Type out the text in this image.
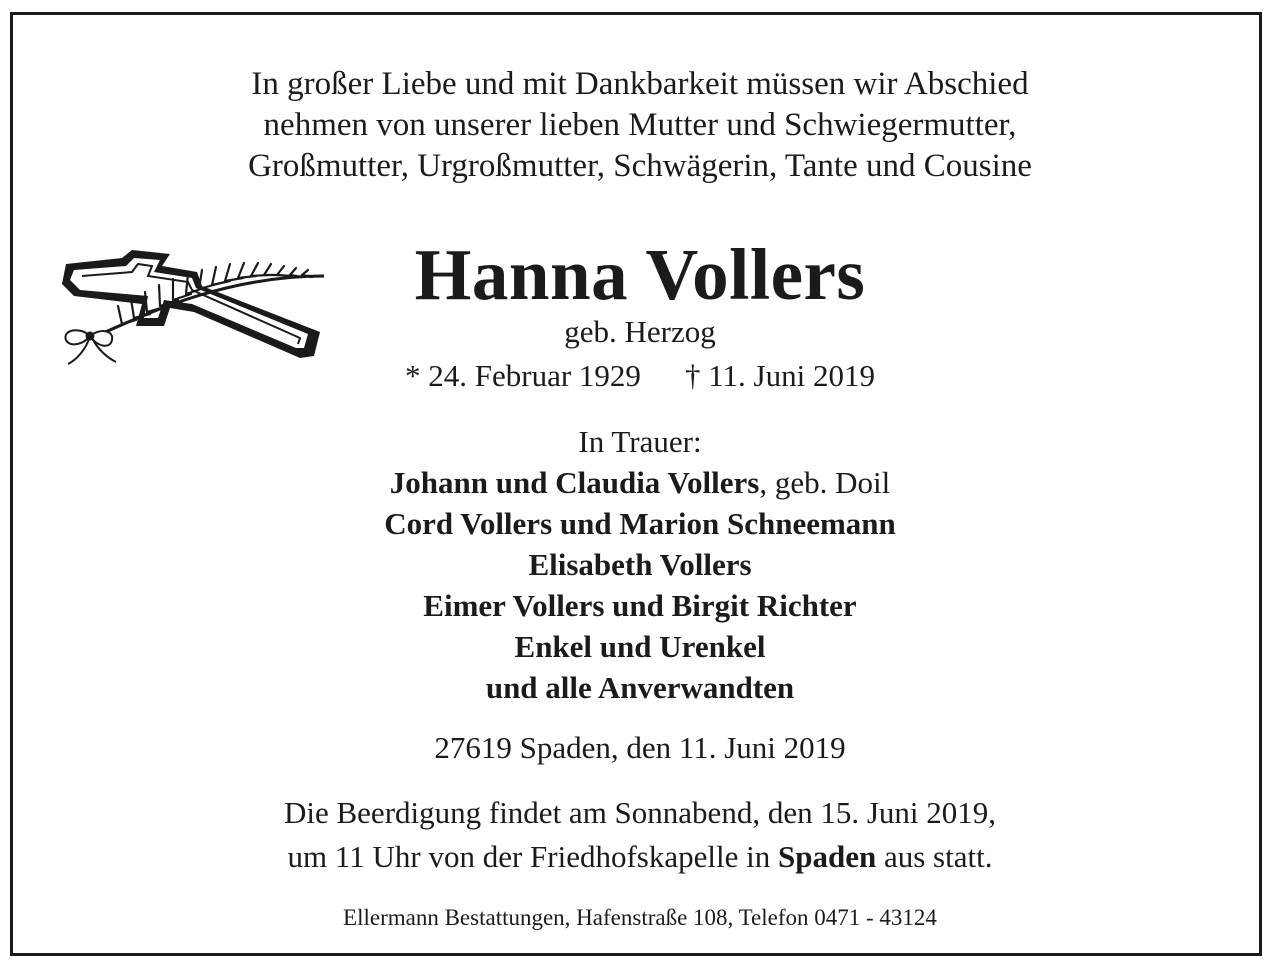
In großer Liebe und mit Dankbarkeit müssen wir Abschied
nehmen von unserer lieben Mutter und Schwiegermutter,
Großmutter, Urgroßmutter, Schwägerin, Tante und Cousine
Hanna Vollers
geb. Herzog
* 24. Februar 1929 † 11. Juni 2019
In Trauer:
Johann und Claudia Vollers, geb. Doil
Cord Vollers und Marion Schneemann
Elisabeth Vollers
Eimer Vollers und Birgit Richter
Enkel und Urenkel
und alle Anverwandten
27619 Spaden, den 11. Juni 2019
Die Beerdigung findet am Sonnabend, den 15. Juni 2019,
um 11 Uhr von der Friedhofskapelle in Spaden aus statt.
Ellermann Bestattungen, Hafenstraße 108, Telefon 0471 - 43124
